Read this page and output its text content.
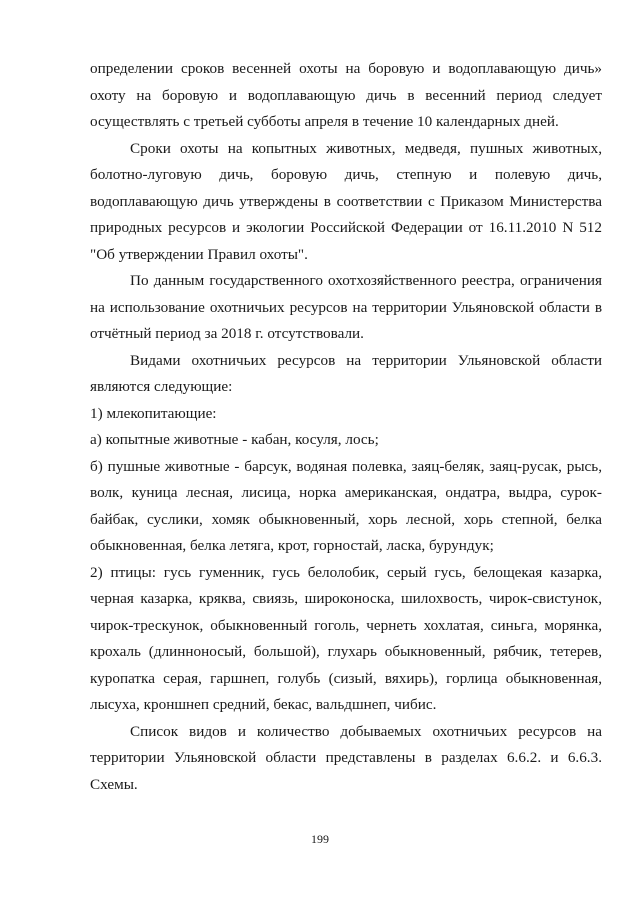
определении сроков весенней охоты на боровую и водоплавающую дичь» охоту на боровую и водоплавающую дичь в весенний период следует осуществлять с третьей субботы апреля в течение 10 календарных дней.

Сроки охоты на копытных животных, медведя, пушных животных, болотно-луговую дичь, боровую дичь, степную и полевую дичь, водоплавающую дичь утверждены в соответствии с Приказом Министерства природных ресурсов и экологии Российской Федерации от 16.11.2010 N 512 "Об утверждении Правил охоты".

По данным государственного охотхозяйственного реестра, ограничения на использование охотничьих ресурсов на территории Ульяновской области в отчётный период за 2018 г. отсутствовали.

Видами охотничьих ресурсов на территории Ульяновской области являются следующие:

1) млекопитающие:

а) копытные животные - кабан, косуля, лось;

б) пушные животные - барсук, водяная полевка, заяц-беляк, заяц-русак, рысь, волк, куница лесная, лисица, норка американская, ондатра, выдра, сурок-байбак, суслики, хомяк обыкновенный, хорь лесной, хорь степной, белка обыкновенная, белка летяга, крот, горностай, ласка, бурундук;

2) птицы: гусь гуменник, гусь белолобик, серый гусь, белощекая казарка, черная казарка, кряква, свиязь, широконоска, шилохвость, чирок-свистунок, чирок-трескунок, обыкновенный гоголь, чернеть хохлатая, синьга, морянка, крохаль (длинноносый, большой), глухарь обыкновенный, рябчик, тетерев, куропатка серая, гаршнеп, голубь (сизый, вяхирь), горлица обыкновенная, лысуха, кроншнеп средний, бекас, вальдшнеп, чибис.

Список видов и количество добываемых охотничьих ресурсов на территории Ульяновской области представлены в разделах 6.6.2. и 6.6.3. Схемы.

199
